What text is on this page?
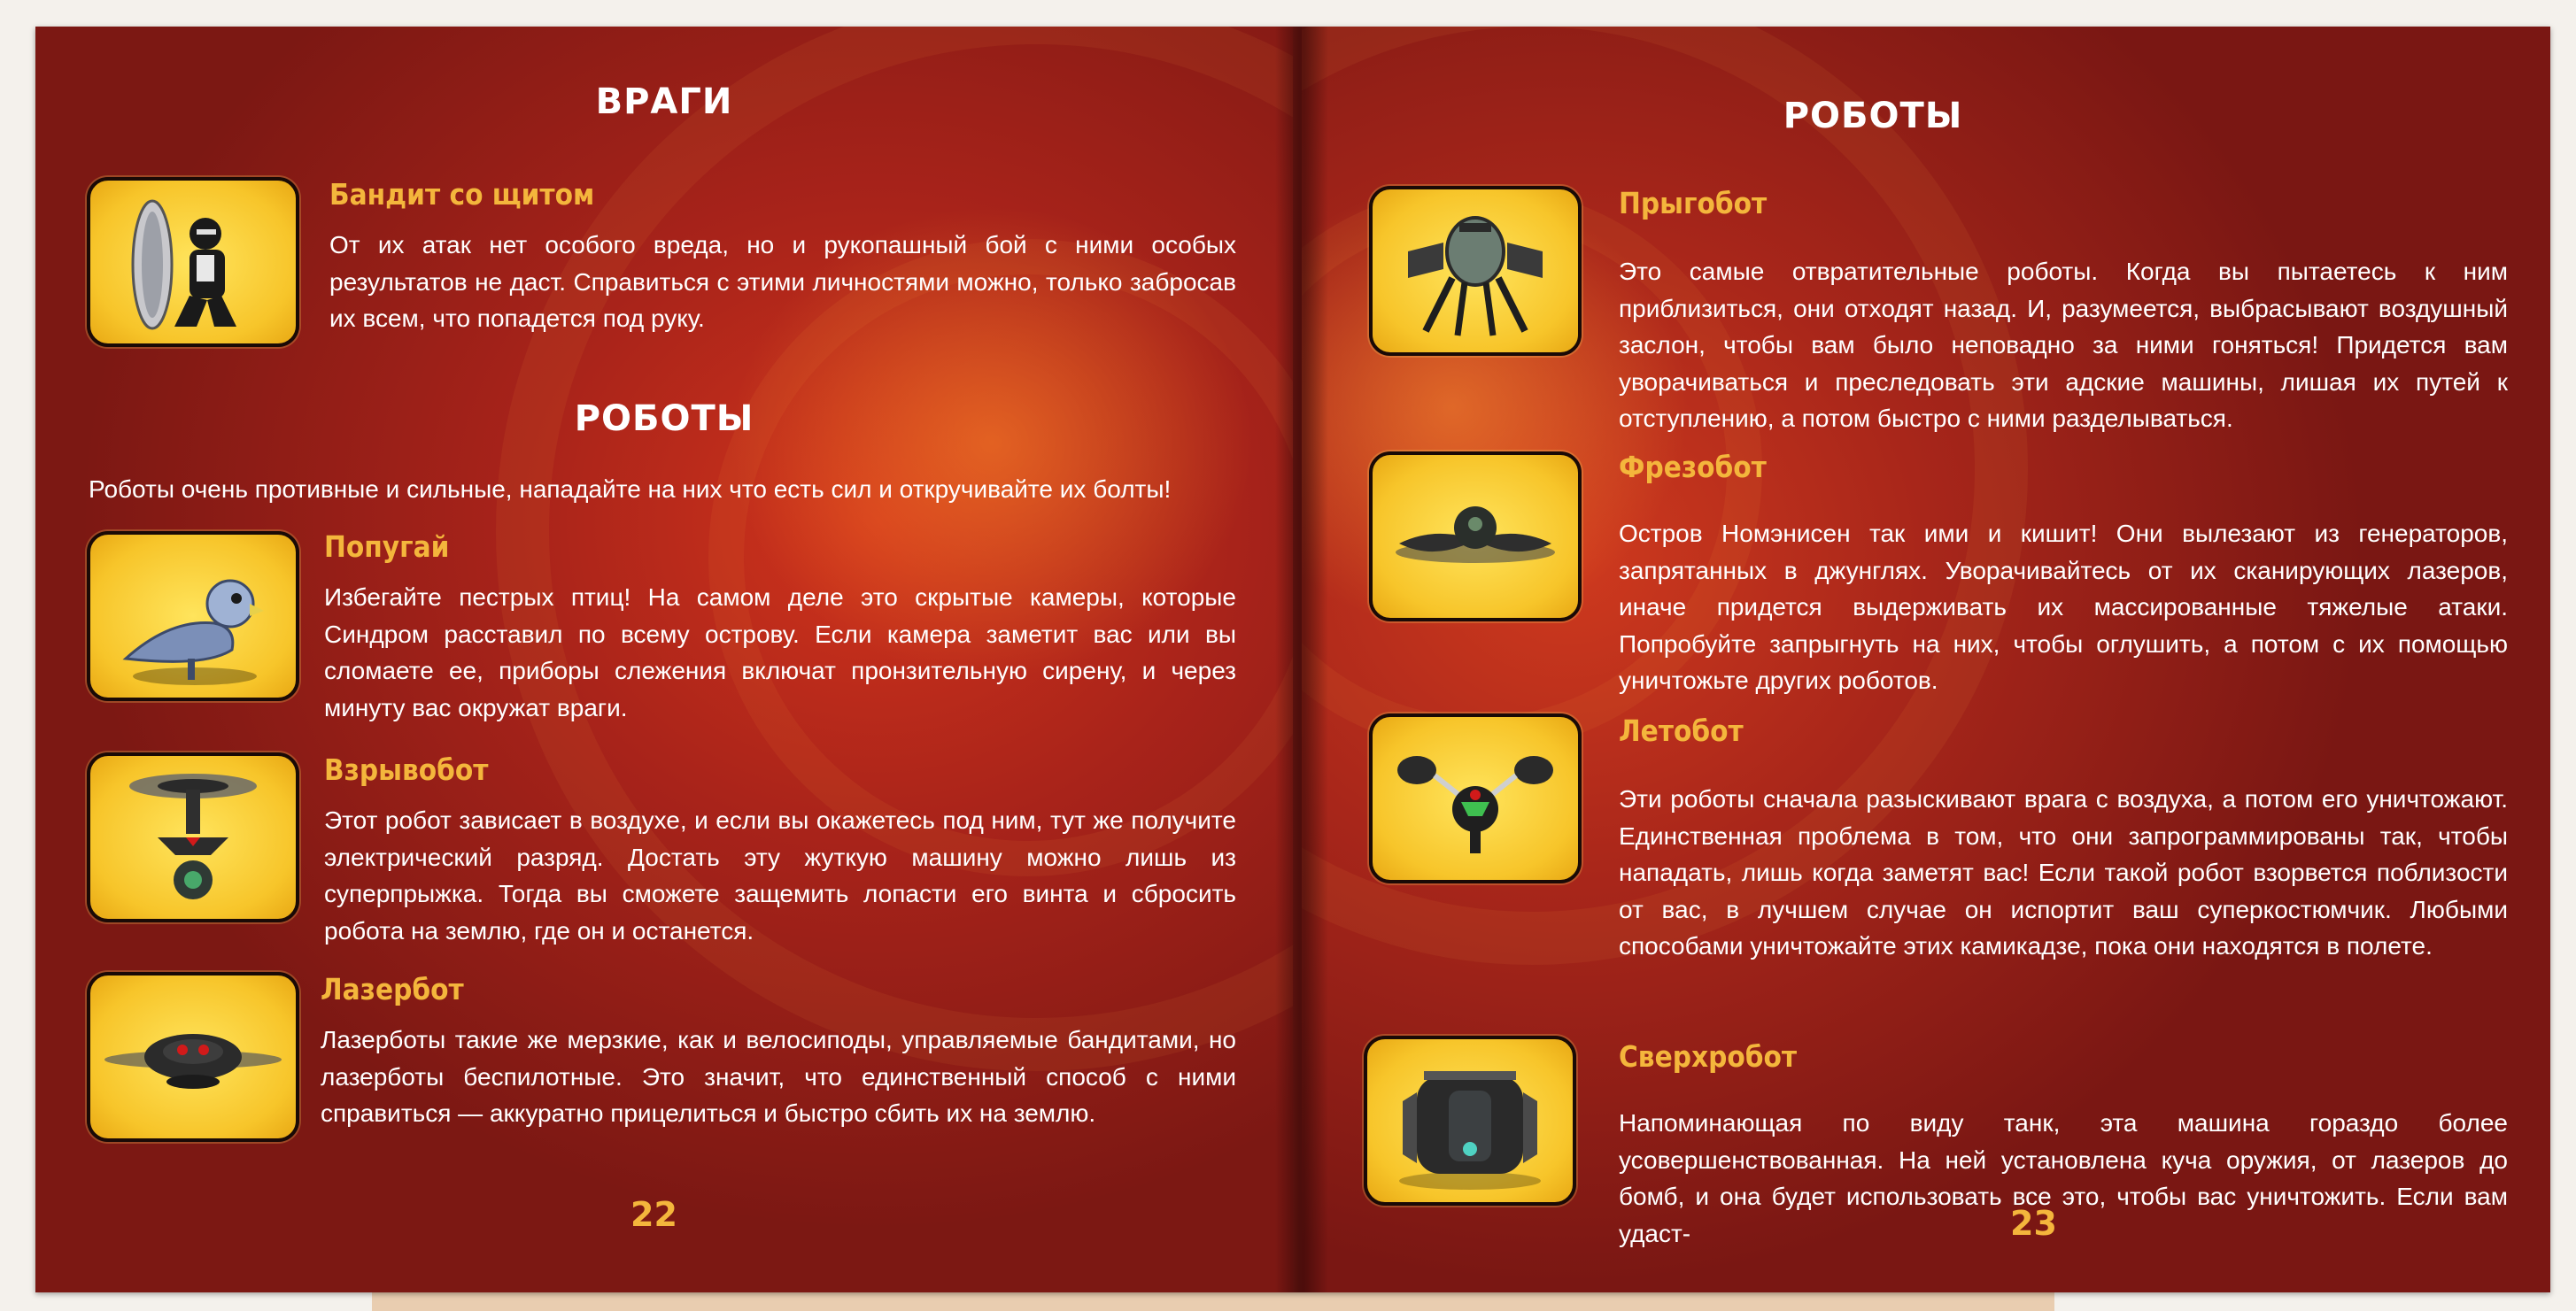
ВРАГИ
Бандит со щитом

От их атак нет особого вреда, но и рукопашный бой с ними особых результатов не даст. Справиться с этими личностями можно, только забросав их всем, что попадется под руку.

РОБОТЫ

Роботы очень противные и сильные, нападайте на них что есть сил и откручивайте их болты!

Попугай

Избегайте пестрых птиц! На самом деле это скрытые камеры, которые Синдром расставил по всему острову. Если камера заметит вас или вы сломаете ее, приборы слежения включат пронзительную сирену, и через минуту вас окружат враги.

Взрывобот

Этот робот зависает в воздухе, и если вы окажетесь под ним, тут же получите электрический разряд. Достать эту жуткую машину можно лишь из суперпрыжка. Тогда вы сможете защемить лопасти его винта и сбросить робота на землю, где он и останется.

Лазербот

Лазерботы такие же мерзкие, как и велосиподы, управляемые бандитами, но лазерботы беспилотные. Это значит, что единственный способ с ними справиться — аккуратно прицелиться и быстро сбить их на землю.

22

РОБОТЫ
Прыгобот

Это самые отвратительные роботы. Когда вы пытаетесь к ним приблизиться, они отходят назад. И, разумеется, выбрасывают воздушный заслон, чтобы вам было неповадно за ними гоняться! Придется вам уворачиваться и преследовать эти адские машины, лишая их путей к отступлению, а потом быстро с ними разделываться.

Фрезобот

Остров Номэнисен так ими и кишит! Они вылезают из генераторов, запрятанных в джунглях. Уворачивайтесь от их сканирующих лазеров, иначе придется выдерживать их массированные тяжелые атаки. Попробуйте запрыгнуть на них, чтобы оглушить, а потом с их помощью уничтожьте других роботов.

Летобот

Эти роботы сначала разыскивают врага с воздуха, а потом его уничтожают. Единственная проблема в том, что они запрограммированы так, чтобы нападать, лишь когда заметят вас! Если такой робот взорвется поблизости от вас, в лучшем случае он испортит ваш суперкостюмчик. Любыми способами уничтожайте этих камикадзе, пока они находятся в полете.

Сверхробот

Напоминающая по виду танк, эта машина гораздо более усовершенствованная. На ней установлена куча оружия, от лазеров до бомб, и она будет использовать все это, чтобы вас уничтожить. Если вам удаст-	23
